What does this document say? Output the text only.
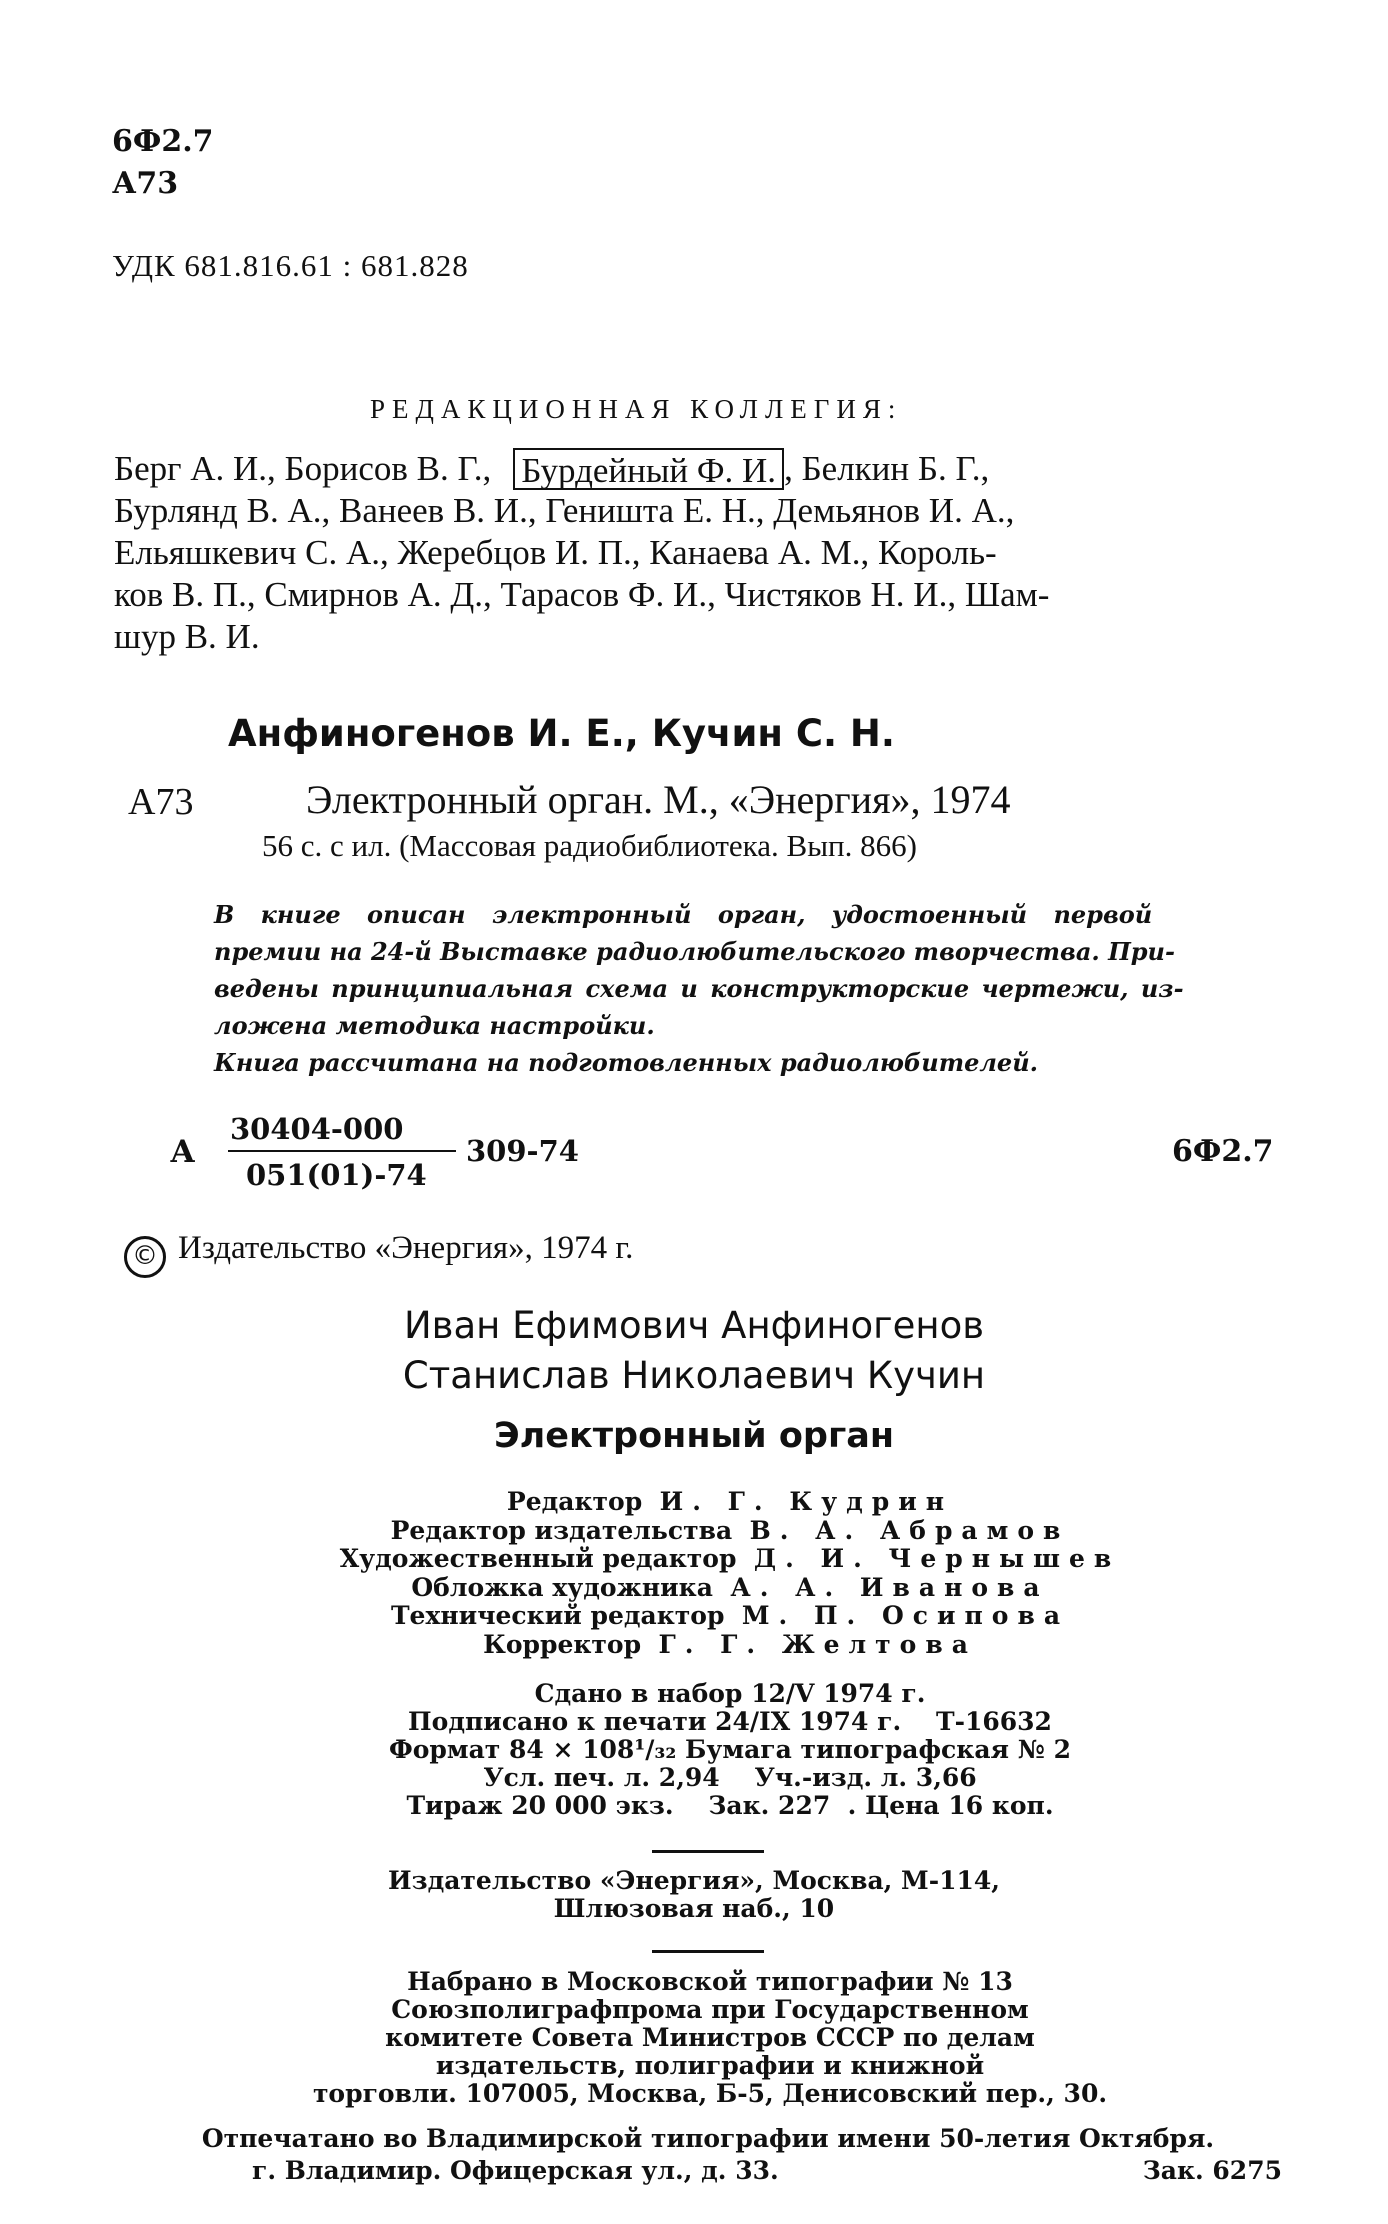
6Ф2.7
А73
УДК 681.816.61 : 681.828
РЕДАКЦИОННАЯ КОЛЛЕГИЯ:
Берг А. И., Борисов В. Г., Бурдейный Ф. И. , Белкин Б. Г.,
Бурлянд В. А., Ванеев В. И., Геништа Е. Н., Демьянов И. А.,
Ельяшкевич С. А., Жеребцов И. П., Канаева А. М., Король-
ков В. П., Смирнов А. Д., Тарасов Ф. И., Чистяков Н. И., Шам-
шур В. И.
Анфиногенов И. Е., Кучин С. Н.
А73	Электронный орган. М., «Энергия», 1974
56 с. с ил. (Массовая радиобиблиотека. Вып. 866)
В книге описан электронный орган, удостоенный первой
премии на 24-й Выставке радиолюбительского творчества. При-
ведены принципиальная схема и конструкторские чертежи, из-
ложена методика настройки.
Книга рассчитана на подготовленных радиолюбителей.
А
30404-000
051(01)-74
309-74	6Ф2.7
© Издательство «Энергия», 1974 г.
Иван Ефимович Анфиногенов
Станислав Николаевич Кучин
Электронный орган
Редактор И. Г. Кудрин
Редактор издательства В. А. Абрамов
Художественный редактор Д. И. Чернышев
Обложка художника А. А. Иванова
Технический редактор М. П. Осипова
Корректор Г. Г. Желтова
Сдано в набор 12/V 1974 г.
Подписано к печати 24/IX 1974 г. Т-16632
Формат 84 × 108¹/₃₂ Бумага типографская № 2
Усл. печ. л. 2,94 Уч.-изд. л. 3,66
Тираж 20 000 экз. Зак. 227 . Цена 16 коп.
Издательство «Энергия», Москва, М-114,
Шлюзовая наб., 10
Набрано в Московской типографии № 13
Союзполиграфпрома при Государственном
комитете Совета Министров СССР по делам
издательств, полиграфии и книжной
торговли. 107005, Москва, Б-5, Денисовский пер., 30.
Отпечатано во Владимирской типографии имени 50-летия Октября.
г. Владимир. Офицерская ул., д. 33.	Зак. 6275
